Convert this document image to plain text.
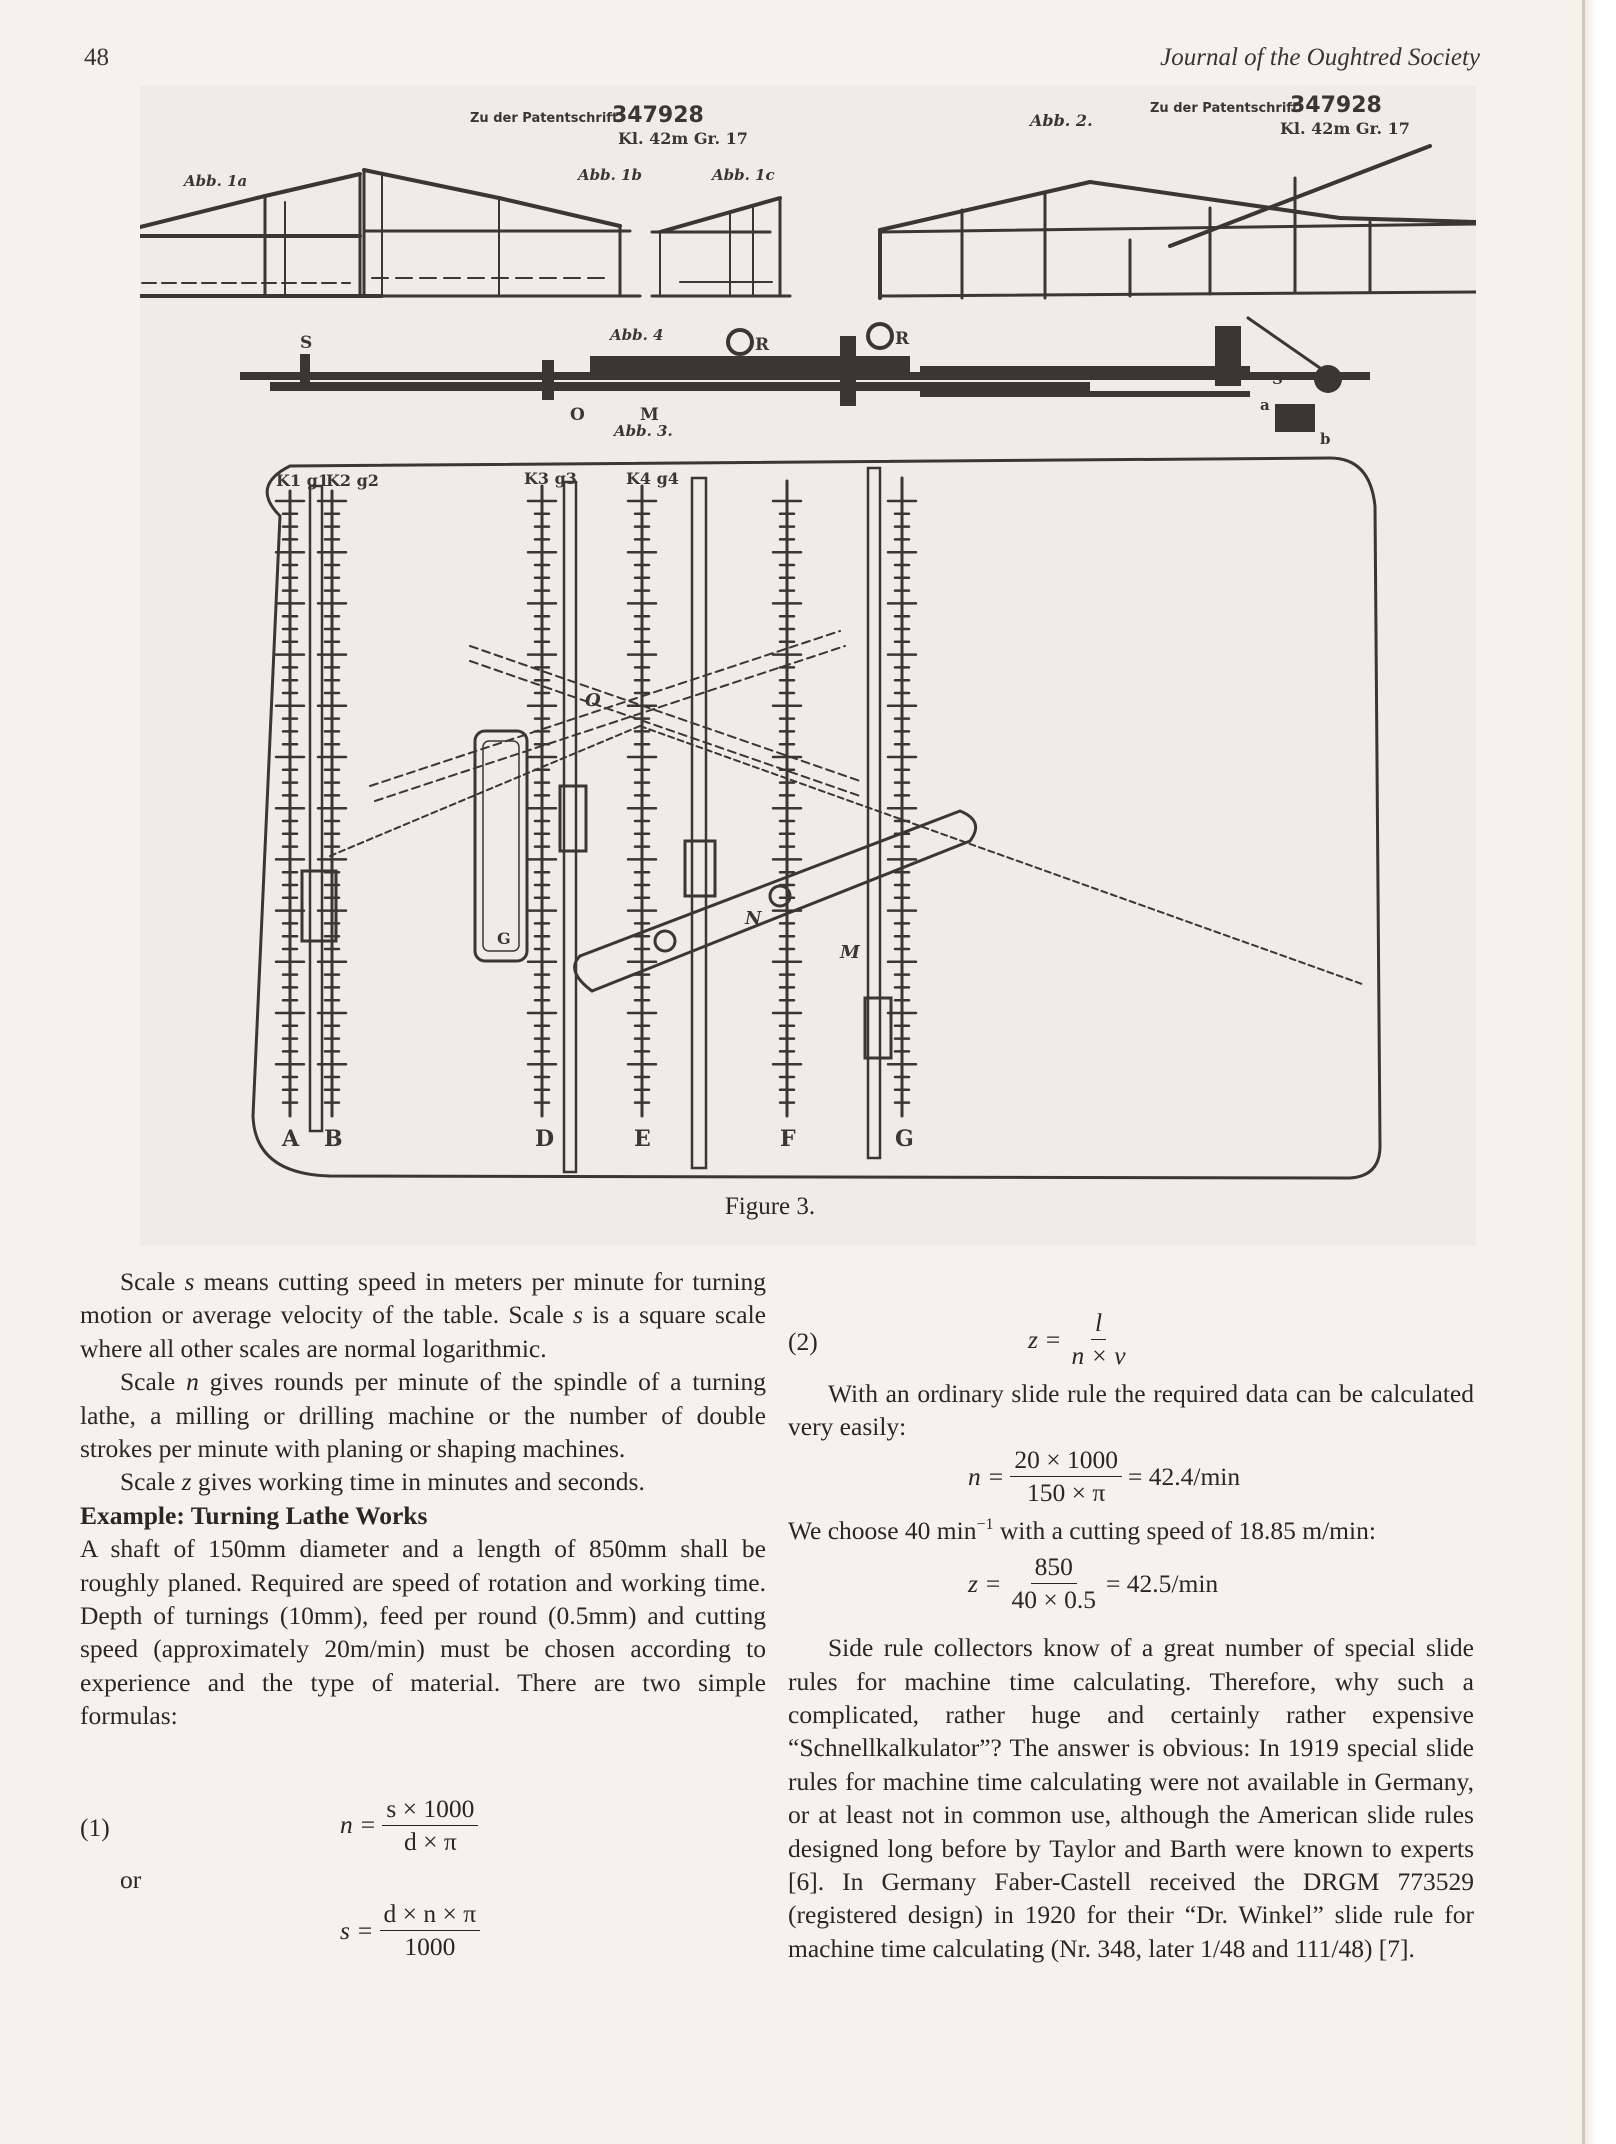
48	Journal of the Oughtred Society
Zu der Patentschrift
347928
Kl. 42m Gr. 17
Zu der Patentschrift
347928
Kl. 42m Gr. 17
Abb. 2.
Abb. 1a	Abb. 1b	Abb. 1c
Abb. 4
Abb. 3.
S
O	M
R	R
a
b
S
A B	D	E	F	G
K1 g1
K2 g2	K3 g3	K4 g4
O
N
M
G
Figure 3.

Scale s means cutting speed in meters per minute for turning motion or average velocity of the table. Scale s is a square scale where all other scales are normal logarithmic.

Scale n gives rounds per minute of the spindle of a turning lathe, a milling or drilling machine or the number of double strokes per minute with planing or shaping machines.

Scale z gives working time in minutes and seconds.

Example: Turning Lathe Works

A shaft of 150mm diameter and a length of 850mm shall be roughly planed. Required are speed of rotation and working time. Depth of turnings (10mm), feed per round (0.5mm) and cutting speed (approximately 20m/min) must be chosen according to experience and the type of material. There are two simple formulas:

(1)	$n = \frac{s \times 1000}{d \times \pi}$

or

$s = \frac{d \times n \times \pi}{1000}$
(2)	$z = \frac{l}{n \times v}$

With an ordinary slide rule the required data can be calculated very easily:

$n = \frac{20 \times 1000}{150 \times \pi} = 42.4/\min$

We choose 40 $\min^{-1}$ with a cutting speed of 18.85 m/min:

$z = \frac{850}{40 \times 0.5} = 42.5/\min$

Side rule collectors know of a great number of special slide rules for machine time calculating. Therefore, why such a complicated, rather huge and certainly rather expensive “Schnellkalkulator”? The answer is obvious: In 1919 special slide rules for machine time calculating were not available in Germany, or at least not in common use, although the American slide rules designed long before by Taylor and Barth were known to experts [6]. In Germany Faber-Castell received the DRGM 773529 (registered design) in 1920 for their “Dr. Winkel” slide rule for machine time calculating (Nr. 348, later 1/48 and 111/48) [7].
